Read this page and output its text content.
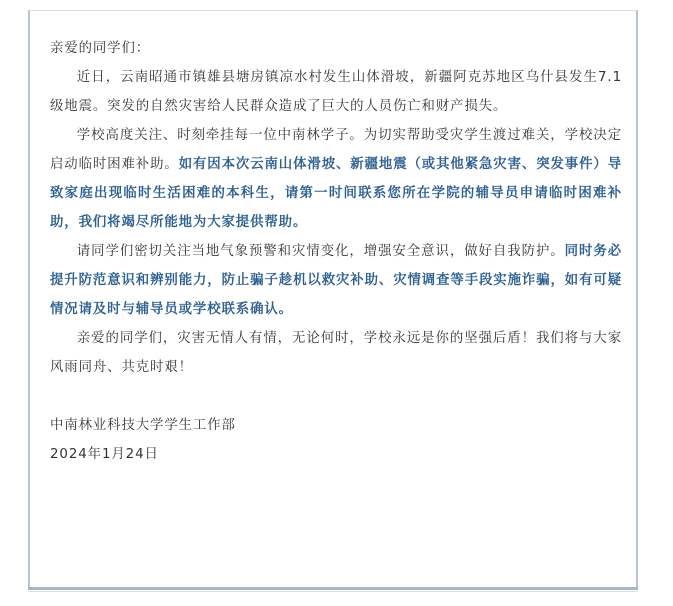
亲爱的同学们：

近日，云南昭通市镇雄县塘房镇凉水村发生山体滑坡，新疆阿克苏地区乌什县发生7.1级地震。突发的自然灾害给人民群众造成了巨大的人员伤亡和财产损失。

学校高度关注、时刻牵挂每一位中南林学子。为切实帮助受灾学生渡过难关，学校决定启动临时困难补助。如有因本次云南山体滑坡、新疆地震（或其他紧急灾害、突发事件）导致家庭出现临时生活困难的本科生，请第一时间联系您所在学院的辅导员申请临时困难补助，我们将竭尽所能地为大家提供帮助。

请同学们密切关注当地气象预警和灾情变化，增强安全意识，做好自我防护。同时务必提升防范意识和辨别能力，防止骗子趁机以救灾补助、灾情调查等手段实施诈骗，如有可疑情况请及时与辅导员或学校联系确认。

亲爱的同学们，灾害无情人有情，无论何时，学校永远是你的坚强后盾！我们将与大家风雨同舟、共克时艰！

中南林业科技大学学生工作部

2024年1月24日
